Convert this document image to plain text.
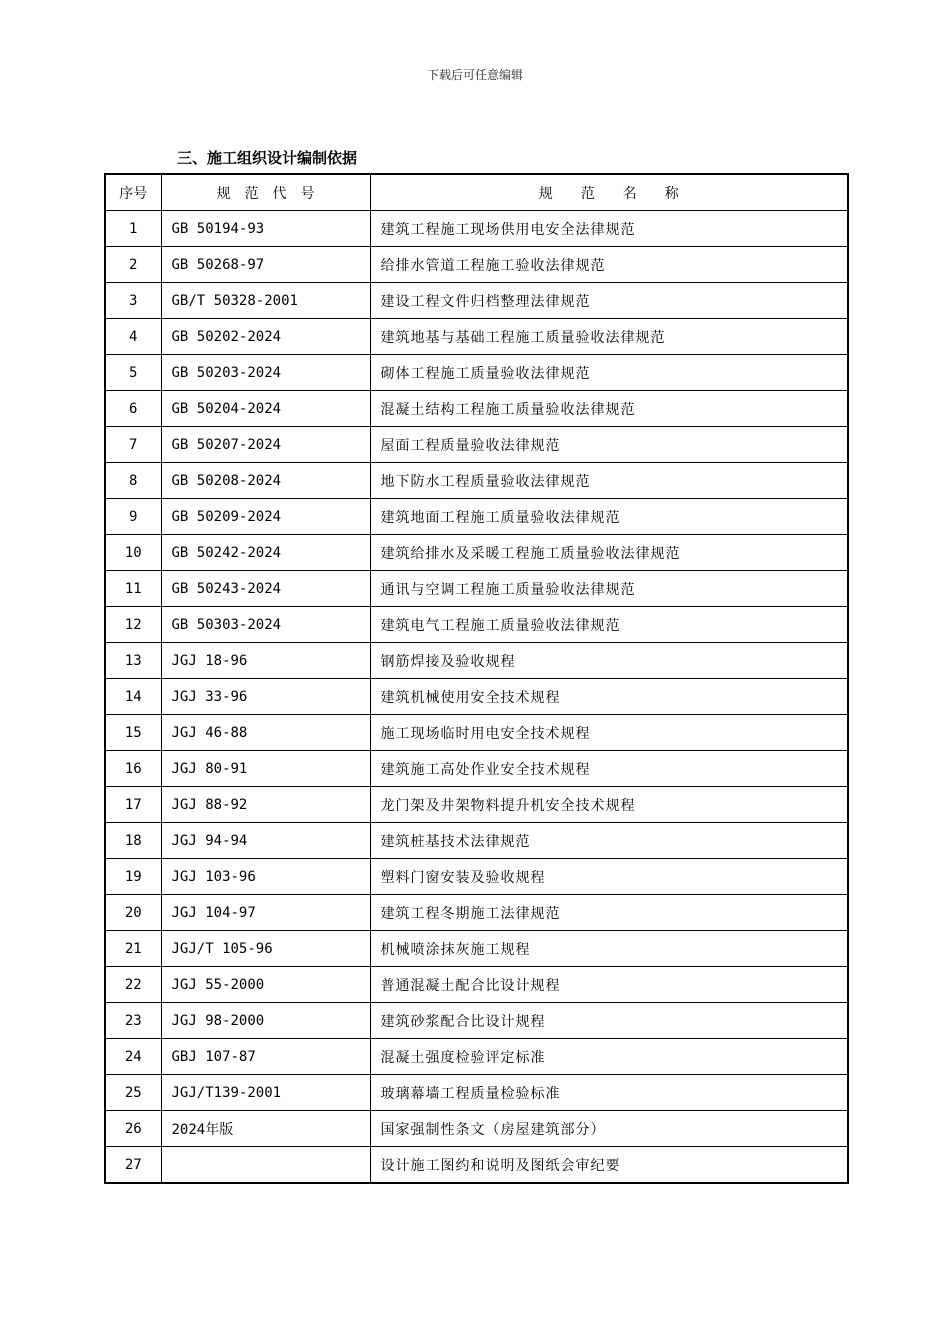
下载后可任意编辑
三、施工组织设计编制依据
序号	规　范　代　号	规　　范　　名　　称
1	GB 50194-93	建筑工程施工现场供用电安全法律规范
2	GB 50268-97	给排水管道工程施工验收法律规范
3	GB/T 50328-2001	建设工程文件归档整理法律规范
4	GB 50202-2024	建筑地基与基础工程施工质量验收法律规范
5	GB 50203-2024	砌体工程施工质量验收法律规范
6	GB 50204-2024	混凝土结构工程施工质量验收法律规范
7	GB 50207-2024	屋面工程质量验收法律规范
8	GB 50208-2024	地下防水工程质量验收法律规范
9	GB 50209-2024	建筑地面工程施工质量验收法律规范
10	GB 50242-2024	建筑给排水及采暖工程施工质量验收法律规范
11	GB 50243-2024	通讯与空调工程施工质量验收法律规范
12	GB 50303-2024	建筑电气工程施工质量验收法律规范
13	JGJ 18-96	钢筋焊接及验收规程
14	JGJ 33-96	建筑机械使用安全技术规程
15	JGJ 46-88	施工现场临时用电安全技术规程
16	JGJ 80-91	建筑施工高处作业安全技术规程
17	JGJ 88-92	龙门架及井架物料提升机安全技术规程
18	JGJ 94-94	建筑桩基技术法律规范
19	JGJ 103-96	塑料门窗安装及验收规程
20	JGJ 104-97	建筑工程冬期施工法律规范
21	JGJ/T 105-96	机械喷涂抹灰施工规程
22	JGJ 55-2000	普通混凝土配合比设计规程
23	JGJ 98-2000	建筑砂浆配合比设计规程
24	GBJ 107-87	混凝土强度检验评定标准
25	JGJ/T139-2001	玻璃幕墙工程质量检验标准
26	2024年版	国家强制性条文（房屋建筑部分）
27		设计施工图约和说明及图纸会审纪要
